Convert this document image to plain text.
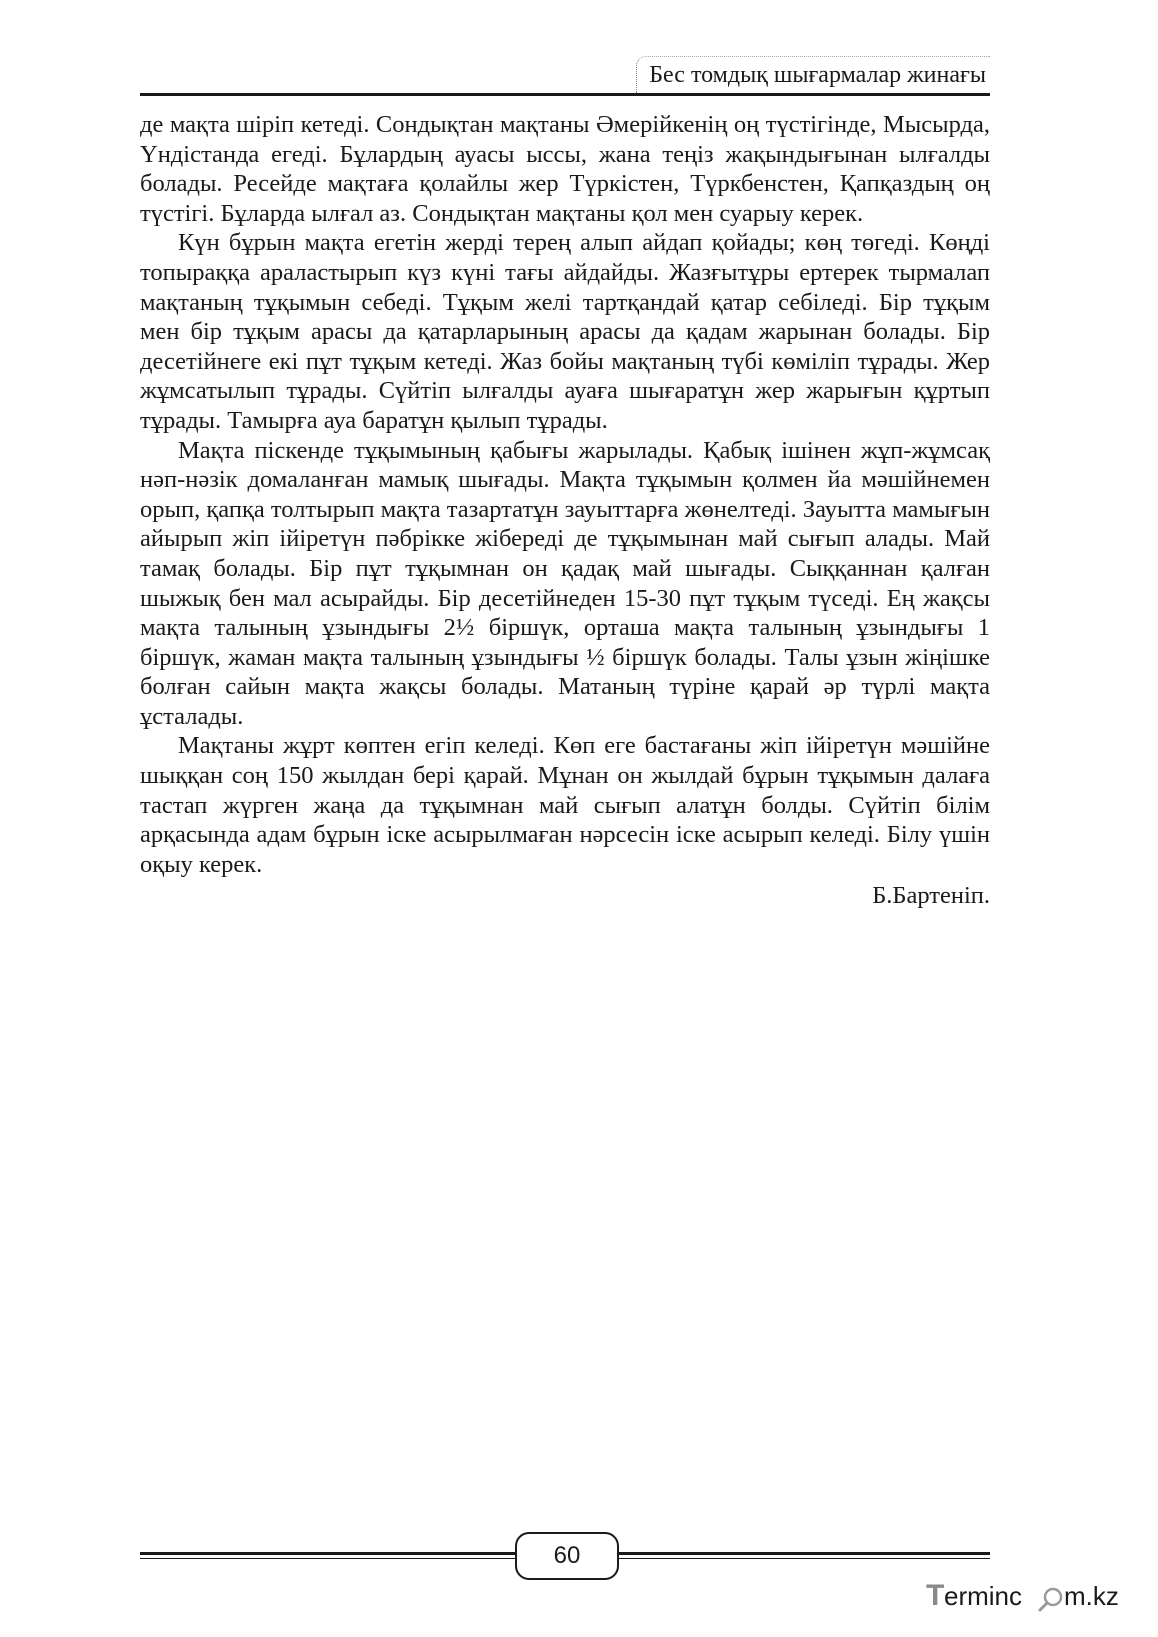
Бес томдық шығармалар жинағы

де мақта шіріп кетеді. Сондықтан мақтаны Әмерійкенің оң түстігінде, Мысырда, Үндістанда егеді. Бұлардың ауасы ыссы, жана теңіз жақындығынан ылғалды болады. Ресейде мақтаға қолайлы жер Түркістен, Түркбенстен, Қапқаздың оң түстігі. Бұларда ылғал аз. Сондықтан мақтаны қол мен суарыу керек.

Күн бұрын мақта егетін жерді терең алып айдап қойады; көң төгеді. Көңді топыраққа араластырып күз күні тағы айдайды. Жазғытұры ертерек тырмалап мақтаның тұқымын себеді. Тұқым желі тартқандай қатар себіледі. Бір тұқым мен бір тұқым арасы да қатарларының арасы да қадам жарынан болады. Бір десетійнеге екі пұт тұқым кетеді. Жаз бойы мақтаның түбі көміліп тұрады. Жер жұмсатылып тұрады. Сүйтіп ылғалды ауаға шығаратұн жер жарығын құртып тұрады. Тамырға ауа баратұн қылып тұрады.

Мақта піскенде тұқымының қабығы жарылады. Қабық ішінен жұп-жұмсақ нәп-нәзік домаланған мамық шығады. Мақта тұқымын қолмен йа мәшійнемен орып, қапқа толтырып мақта тазартатұн зауыттарға жөнелтеді. Зауытта мамығын айырып жіп ійіретүн пәбрікке жібереді де тұқымынан май сығып алады. Май тамақ болады. Бір пұт тұқымнан он қадақ май шығады. Сыққаннан қалған шыжық бен мал асырайды. Бір десетійнеден 15-30 пұт тұқым түседі. Ең жақсы мақта талының ұзындығы 2½ біршүк, орташа мақта талының ұзындығы 1 біршүк, жаман мақта талының ұзындығы ½ біршүк болады. Талы ұзын жіңішке болған сайын мақта жақсы болады. Матаның түріне қарай әр түрлі мақта ұсталады.

Мақтаны жұрт көптен егіп келеді. Көп еге бастағаны жіп ійіретүн мәшійне шыққан соң 150 жылдан бері қарай. Мұнан он жылдай бұрын тұқымын далаға тастап жүрген жаңа да тұқымнан май сығып алатұн болды. Сүйтіп білім арқасында адам бұрын іске асырылмаған нәрсесін іске асырып келеді. Білу үшін оқыу керек.

Б.Бартеніп.
60
T erminc m.kz
